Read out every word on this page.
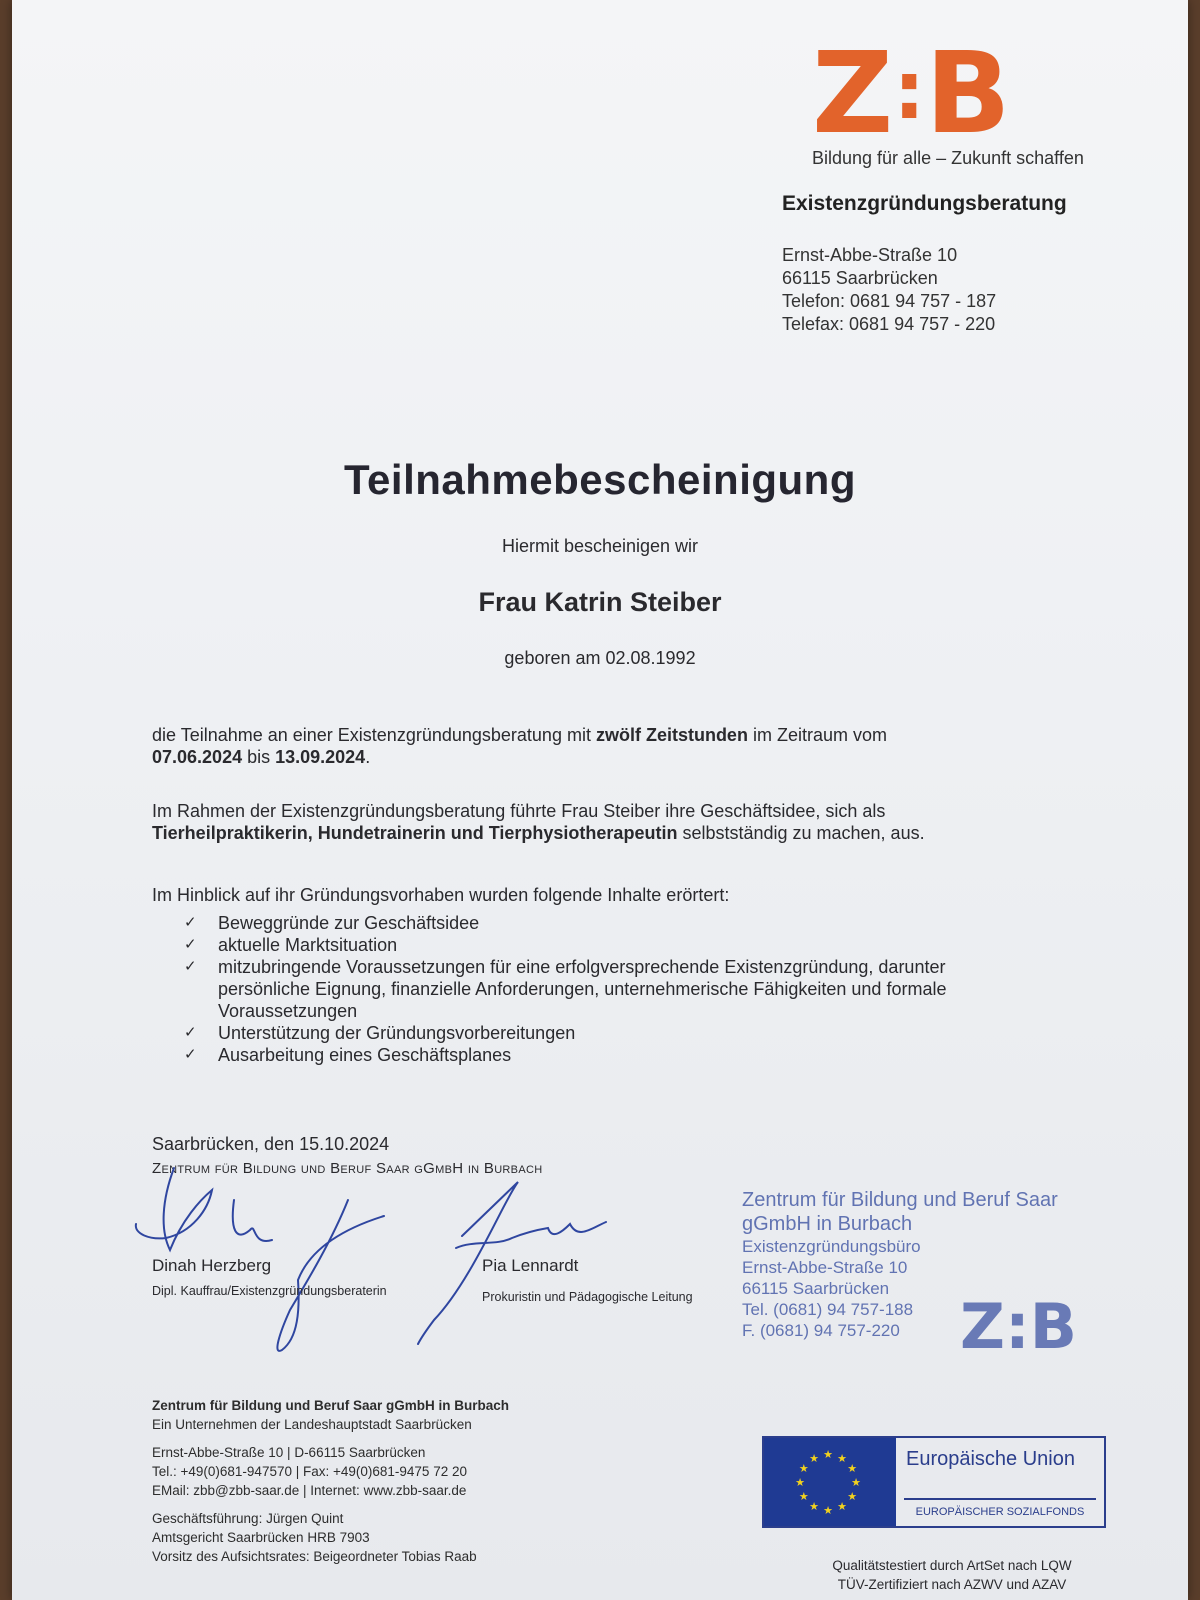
Z:B
Bildung für alle – Zukunft schaffen
Existenzgründungsberatung
Ernst-Abbe-Straße 10
66115 Saarbrücken
Telefon: 0681 94 757 - 187
Telefax: 0681 94 757 - 220
Teilnahmebescheinigung
Hiermit bescheinigen wir
Frau Katrin Steiber
geboren am 02.08.1992
die Teilnahme an einer Existenzgründungsberatung mit zwölf Zeitstunden im Zeitraum vom
07.06.2024 bis 13.09.2024.
Im Rahmen der Existenzgründungsberatung führte Frau Steiber ihre Geschäftsidee, sich als Tierheilpraktikerin, Hundetrainerin und Tierphysiotherapeutin selbstständig zu machen, aus.
Im Hinblick auf ihr Gründungsvorhaben wurden folgende Inhalte erörtert:
✓ Beweggründe zur Geschäftsidee
✓ aktuelle Marktsituation
✓ mitzubringende Voraussetzungen für eine erfolgversprechende Existenzgründung, darunter persönliche Eignung, finanzielle Anforderungen, unternehmerische Fähigkeiten und formale Voraussetzungen
✓ Unterstützung der Gründungsvorbereitungen
✓ Ausarbeitung eines Geschäftsplanes
Saarbrücken, den 15.10.2024
Zentrum für Bildung und Beruf Saar gGmbH in Burbach
Dinah Herzberg
Dipl. Kauffrau/Existenzgründungsberaterin
Pia Lennardt
Prokuristin und Pädagogische Leitung
Zentrum für Bildung und Beruf Saar
gGmbH in Burbach
Existenzgründungsbüro
Ernst-Abbe-Straße 10
66115 Saarbrücken
Tel. (0681) 94 757-188
F. (0681) 94 757-220 Z:B
Zentrum für Bildung und Beruf Saar gGmbH in Burbach
Ein Unternehmen der Landeshauptstadt Saarbrücken
Ernst-Abbe-Straße 10 | D-66115 Saarbrücken
Tel.: +49(0)681-947570 | Fax: +49(0)681-9475 72 20
EMail: zbb@zbb-saar.de | Internet: www.zbb-saar.de
Geschäftsführung: Jürgen Quint
Amtsgericht Saarbrücken HRB 7903
Vorsitz des Aufsichtsrates: Beigeordneter Tobias Raab
★ ★
★
★
★
★
★
★
★
★
★
★	Europäische Union
EUROPÄISCHER SOZIALFONDS
Qualitätstestiert durch ArtSet nach LQW
TÜV-Zertifiziert nach AZWV und AZAV
